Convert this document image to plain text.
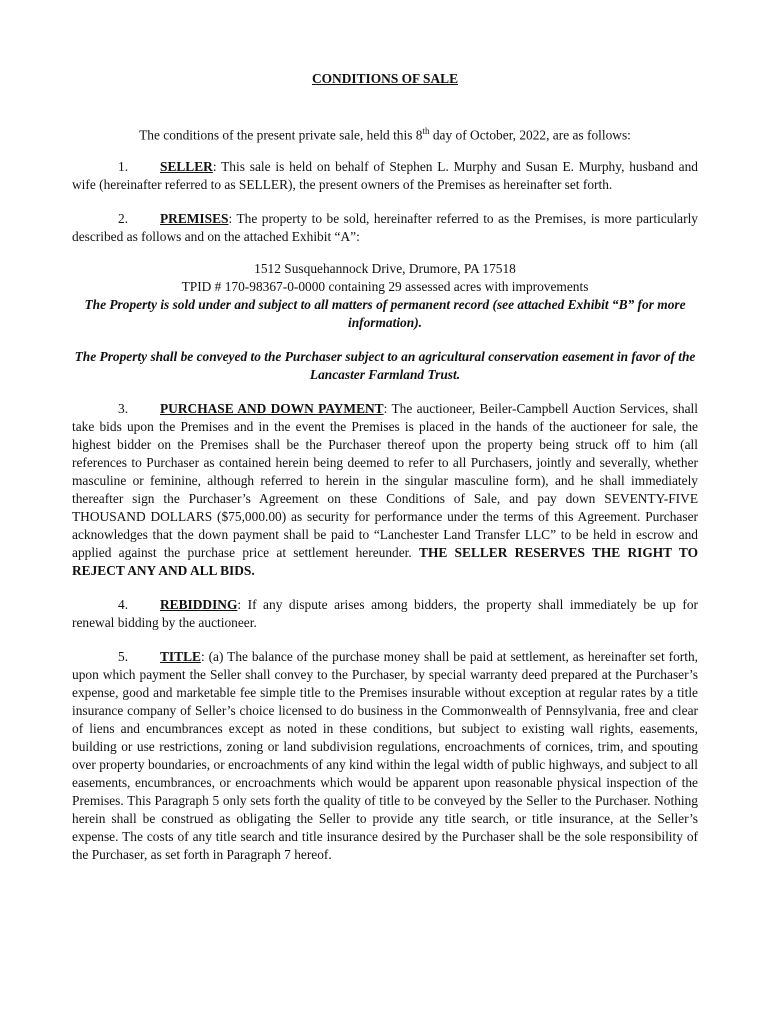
CONDITIONS OF SALE
The conditions of the present private sale, held this 8th day of October, 2022, are as follows:
1. SELLER: This sale is held on behalf of Stephen L. Murphy and Susan E. Murphy, husband and wife (hereinafter referred to as SELLER), the present owners of the Premises as hereinafter set forth.
2. PREMISES: The property to be sold, hereinafter referred to as the Premises, is more particularly described as follows and on the attached Exhibit “A”:
1512 Susquehannock Drive, Drumore, PA 17518
TPID # 170-98367-0-0000 containing 29 assessed acres with improvements
The Property is sold under and subject to all matters of permanent record (see attached Exhibit “B” for more information).
The Property shall be conveyed to the Purchaser subject to an agricultural conservation easement in favor of the Lancaster Farmland Trust.
3. PURCHASE AND DOWN PAYMENT: The auctioneer, Beiler-Campbell Auction Services, shall take bids upon the Premises and in the event the Premises is placed in the hands of the auctioneer for sale, the highest bidder on the Premises shall be the Purchaser thereof upon the property being struck off to him (all references to Purchaser as contained herein being deemed to refer to all Purchasers, jointly and severally, whether masculine or feminine, although referred to herein in the singular masculine form), and he shall immediately thereafter sign the Purchaser’s Agreement on these Conditions of Sale, and pay down SEVENTY-FIVE THOUSAND DOLLARS ($75,000.00) as security for performance under the terms of this Agreement. Purchaser acknowledges that the down payment shall be paid to “Lanchester Land Transfer LLC” to be held in escrow and applied against the purchase price at settlement hereunder. THE SELLER RESERVES THE RIGHT TO REJECT ANY AND ALL BIDS.
4. REBIDDING: If any dispute arises among bidders, the property shall immediately be up for renewal bidding by the auctioneer.
5. TITLE: (a) The balance of the purchase money shall be paid at settlement, as hereinafter set forth, upon which payment the Seller shall convey to the Purchaser, by special warranty deed prepared at the Purchaser’s expense, good and marketable fee simple title to the Premises insurable without exception at regular rates by a title insurance company of Seller’s choice licensed to do business in the Commonwealth of Pennsylvania, free and clear of liens and encumbrances except as noted in these conditions, but subject to existing wall rights, easements, building or use restrictions, zoning or land subdivision regulations, encroachments of cornices, trim, and spouting over property boundaries, or encroachments of any kind within the legal width of public highways, and subject to all easements, encumbrances, or encroachments which would be apparent upon reasonable physical inspection of the Premises. This Paragraph 5 only sets forth the quality of title to be conveyed by the Seller to the Purchaser. Nothing herein shall be construed as obligating the Seller to provide any title search, or title insurance, at the Seller’s expense. The costs of any title search and title insurance desired by the Purchaser shall be the sole responsibility of the Purchaser, as set forth in Paragraph 7 hereof.
